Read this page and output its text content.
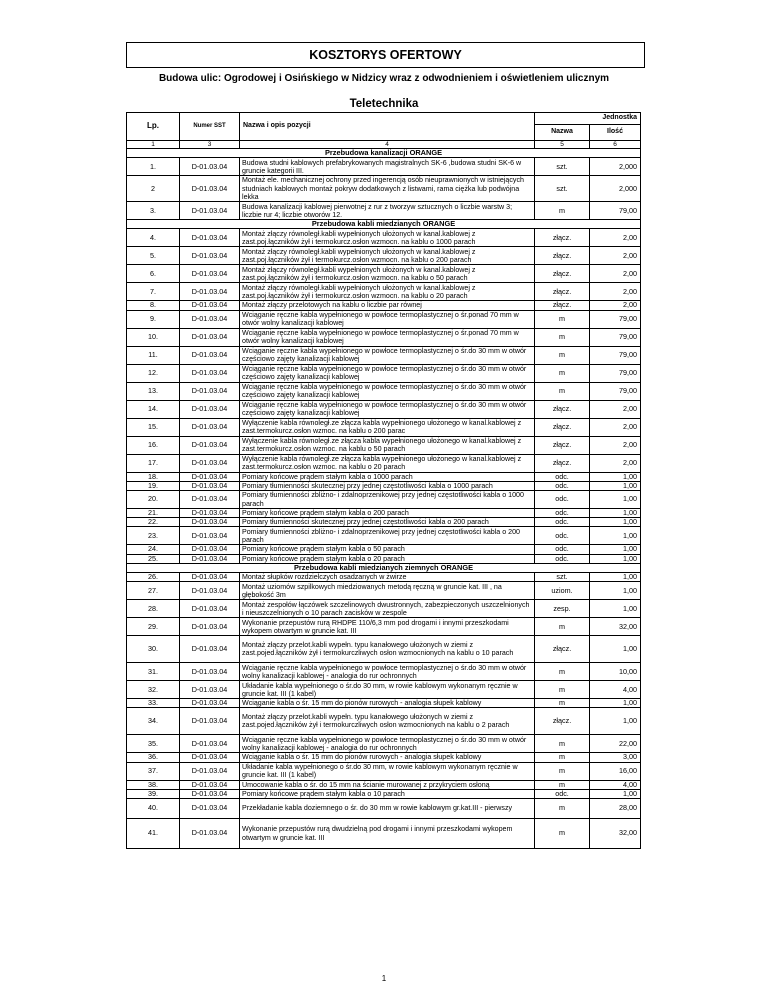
KOSZTORYS OFERTOWY
Budowa ulic: Ogrodowej i Osińskiego w Nidzicy wraz z odwodnieniem i oświetleniem ulicznym
Teletechnika
Lp.	Numer SST	Nazwa i opis pozycji	Jednostka	
			Nazwa	Ilość
1	3	4	5	6
Przebudowa kanalizacji ORANGE				
1.	D-01.03.04	Budowa studni kablowych prefabrykowanych magistralnych SK-6 ,budowa studni SK-6 w gruncie kategorii III.	szt.	2,000
2	D-01.03.04	Montaż ele. mechanicznej ochrony przed ingerencją osób nieuprawnionych w istniejących studniach kablowych montaż pokryw dodatkowych z listwami, rama ciężka lub podwójna lekka	szt.	2,000
3.	D-01.03.04	Budowa kanalizacji kablowej pierwotnej z rur z tworzyw sztucznych o liczbie warstw 3; liczbie rur 4; liczbie otworów 12.	m	79,00
Przebudowa kabli miedzianych ORANGE				
4.	D-01.03.04	Montaż złączy równoległ.kabli wypełnionych ułożonych w kanal.kablowej z zast.poj.łączników żył i termokurcz.osłon wzmocn. na kablu o 1000 parach	złącz.	2,00
5.	D-01.03.04	Montaż złączy równoległ.kabli wypełnionych ułożonych w kanal.kablowej z zast.poj.łączników żył i termokurcz.osłon wzmocn. na kablu o 200 parach	złącz.	2,00
6.	D-01.03.04	Montaż złączy równoległ.kabli wypełnionych ułożonych w kanal.kablowej z zast.poj.łączników żył i termokurcz.osłon wzmocn. na kablu o 50 parach	złącz.	2,00
7.	D-01.03.04	Montaż złączy równoległ.kabli wypełnionych ułożonych w kanal.kablowej z zast.poj.łączników żył i termokurcz.osłon wzmocn. na kablu o 20 parach	złącz.	2,00
8.	D-01.03.04	Montaż złączy przelotowych na kablu o liczbie par równej	złącz.	2,00
9.	D-01.03.04	Wciąganie ręczne kabla wypełnionego w powłoce termoplastycznej o śr.ponad 70 mm w otwór wolny kanalizacji kablowej	m	79,00
10.	D-01.03.04	Wciąganie ręczne kabla wypełnionego w powłoce termoplastycznej o śr.ponad 70 mm w otwór wolny kanalizacji kablowej	m	79,00
11.	D-01.03.04	Wciąganie ręczne kabla wypełnionego w powłoce termoplastycznej o śr.do 30 mm w otwór częściowo zajęty kanalizacji kablowej	m	79,00
12.	D-01.03.04	Wciąganie ręczne kabla wypełnionego w powłoce termoplastycznej o śr.do 30 mm w otwór częściowo zajęty kanalizacji kablowej	m	79,00
13.	D-01.03.04	Wciąganie ręczne kabla wypełnionego w powłoce termoplastycznej o śr.do 30 mm w otwór częściowo zajęty kanalizacji kablowej	m	79,00
14.	D-01.03.04	Wciąganie ręczne kabla wypełnionego w powłoce termoplastycznej o śr.do 30 mm w otwór częściowo zajęty kanalizacji kablowej	złącz.	2,00
15.	D-01.03.04	Wyłączenie kabla równoległ.ze złącza kabla wypełnionego ułożonego w kanal.kablowej z zast.termokurcz.osłon wzmoc. na kablu o 200 parac	złącz.	2,00
16.	D-01.03.04	Wyłączenie kabla równoległ.ze złącza kabla wypełnionego ułożonego w kanal.kablowej z zast.termokurcz.osłon wzmoc. na kablu o 50 parach	złącz.	2,00
17.	D-01.03.04	Wyłączenie kabla równoległ.ze złącza kabla wypełnionego ułożonego w kanal.kablowej z zast.termokurcz.osłon wzmoc. na kablu o 20 parach	złącz.	2,00
18.	D-01.03.04	Pomiary końcowe prądem stałym kabla o 1000 parach	odc.	1,00
19.	D-01.03.04	Pomiary tłumienności skutecznej przy jednej częstotliwości kabla o 1000 parach	odc.	1,00
20.	D-01.03.04	Pomiary tłumienności zbliżno- i zdalnoprzenikowej przy jednej częstotliwości kabla o 1000 parach	odc.	1,00
21.	D-01.03.04	Pomiary końcowe prądem stałym kabla o 200 parach	odc.	1,00
22.	D-01.03.04	Pomiary tłumienności skutecznej przy jednej częstotliwości kabla o 200 parach	odc.	1,00
23.	D-01.03.04	Pomiary tłumienności zbliżno- i zdalnoprzenikowej przy jednej częstotliwości kabla o 200 parach	odc.	1,00
24.	D-01.03.04	Pomiary końcowe prądem stałym kabla o 50 parach	odc.	1,00
25.	D-01.03.04	Pomiary końcowe prądem stałym kabla o 20 parach	odc.	1,00
Przebudowa kabli miedzianych ziemnych ORANGE				
26.	D-01.03.04	Montaż słupków rozdzielczych osadzanych w żwirze	szt.	1,00
27.	D-01.03.04	Montaż uziomów szpilkowych miedziowanych metodą ręczną w gruncie kat. III , na głębokość 3m	uziom.	1,00
28.	D-01.03.04	Montaż zespołów łączówek szczelinowych dwustronnych, zabezpieczonych uszczelnionych i nieuszczelnionych o 10 parach zacisków w zespole	zesp.	1,00
29.	D-01.03.04	Wykonanie przepustów rurą RHDPE 110/6,3 mm pod drogami i innymi przeszkodami wykopem otwartym w gruncie kat. III	m	32,00
30.	D-01.03.04	Montaż złączy przelot.kabli wypełn. typu kanałowego ułożonych w ziemi z zast.pojed.łączników żył i termokurczliwych osłon wzmocnionych na kablu o 10 parach	złącz.	1,00
31.	D-01.03.04	Wciąganie ręczne kabla wypełnionego w powłoce termoplastycznej o śr.do 30 mm w otwór wolny kanalizacji kablowej - analogia do rur ochronnych	m	10,00
32.	D-01.03.04	Układanie kabla wypełnionego o śr.do 30 mm, w rowie kablowym wykonanym ręcznie w gruncie kat. III (1 kabel)	m	4,00
33.	D-01.03.04	Wciąganie kabla o śr. 15 mm do pionów rurowych - analogia słupek kablowy	m	1,00
34.	D-01.03.04	Montaż złączy przelot.kabli wypełn. typu kanałowego ułożonych w ziemi z zast.pojed.łączników żył i termokurczliwych osłon wzmocnionych na kablu o 2 parach	złącz.	1,00
35.	D-01.03.04	Wciąganie ręczne kabla wypełnionego w powłoce termoplastycznej o śr.do 30 mm w otwór wolny kanalizacji kablowej - analogia do rur ochronnych	m	22,00
36.	D-01.03.04	Wciąganie kabla o śr. 15 mm do pionów rurowych - analogia słupek kablowy	m	3,00
37.	D-01.03.04	Układanie kabla wypełnionego o śr.do 30 mm, w rowie kablowym wykonanym ręcznie w gruncie kat. III (1 kabel)	m	16,00
38.	D-01.03.04	Umocowanie kabla o śr. do 15 mm na ścianie murowanej z przykryciem osłoną	m	4,00
39.	D-01.03.04	Pomiary końcowe prądem stałym kabla o 10 parach	odc.	1,00
40.	D-01.03.04	Przekładanie kabla doziemnego o śr. do 30 mm w rowie kablowym gr.kat.III - pierwszy	m	28,00
41.	D-01.03.04	Wykonanie przepustów rurą dwudzielną pod drogami i innymi przeszkodami wykopem otwartym w gruncie kat. III	m	32,00
1
